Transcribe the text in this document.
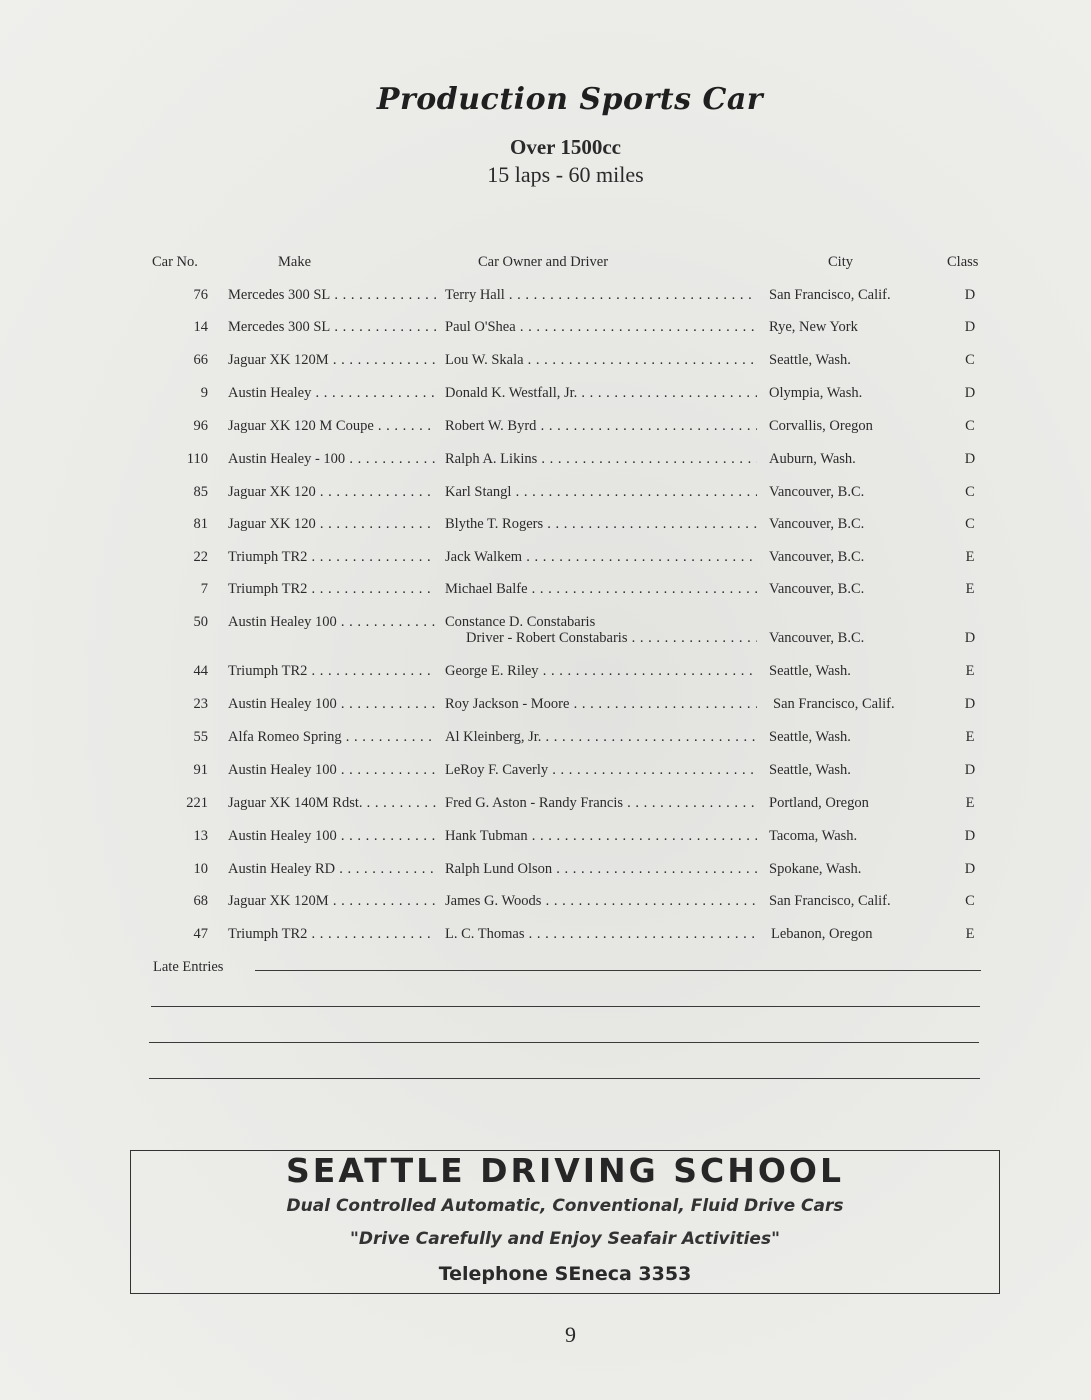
Production Sports Car
Over 1500cc
15 laps - 60 miles
Car No.	Make	Car Owner and Driver	City	Class
76 Mercedes 300 SL . . .	Terry Hall . . .	San Francisco, Calif.	D
14 Mercedes 300 SL . . .	Paul O'Shea . . .	Rye, New York	D
66 Jaguar XK 120M . . .	Lou W. Skala . . .	Seattle, Wash.	C
9 Austin Healey . . .	Donald K. Westfall, Jr. . . .	Olympia, Wash.	D
96 Jaguar XK 120 M Coupe . . .	Robert W. Byrd . . .	Corvallis, Oregon	C
110 Austin Healey - 100 . . .	Ralph A. Likins . . .	Auburn, Wash.	D
85 Jaguar XK 120 . . .	Karl Stangl . . .	Vancouver, B.C.	C
81 Jaguar XK 120 . . .	Blythe T. Rogers . . .	Vancouver, B.C.	C
22 Triumph TR2 . . .	Jack Walkem . . .	Vancouver, B.C.	E
7 Triumph TR2 . . .	Michael Balfe . . .	Vancouver, B.C.	E
50 Austin Healey 100 . . .	Constance D. Constabaris
Driver - Robert Constabaris . . .	Vancouver, B.C.	D
44 Triumph TR2 . . .	George E. Riley . . .	Seattle, Wash.	E
23 Austin Healey 100 . . .	Roy Jackson - Moore . . .	San Francisco, Calif.	D
55 Alfa Romeo Spring . . .	Al Kleinberg, Jr. . . .	Seattle, Wash.	E
91 Austin Healey 100 . . .	LeRoy F. Caverly . . .	Seattle, Wash.	D
221 Jaguar XK 140M Rdst. . . .	Fred G. Aston - Randy Francis . . .	Portland, Oregon	E
13 Austin Healey 100 . . .	Hank Tubman . . .	Tacoma, Wash.	D
10 Austin Healey RD . . .	Ralph Lund Olson . . .	Spokane, Wash.	D
68 Jaguar XK 120M . . .	James G. Woods . . .	San Francisco, Calif.	C
47 Triumph TR2 . . .	L. C. Thomas . . .	Lebanon, Oregon	E
Late Entries
SEATTLE DRIVING SCHOOL
Dual Controlled Automatic, Conventional, Fluid Drive Cars
"Drive Carefully and Enjoy Seafair Activities"
Telephone SEneca 3353
9
